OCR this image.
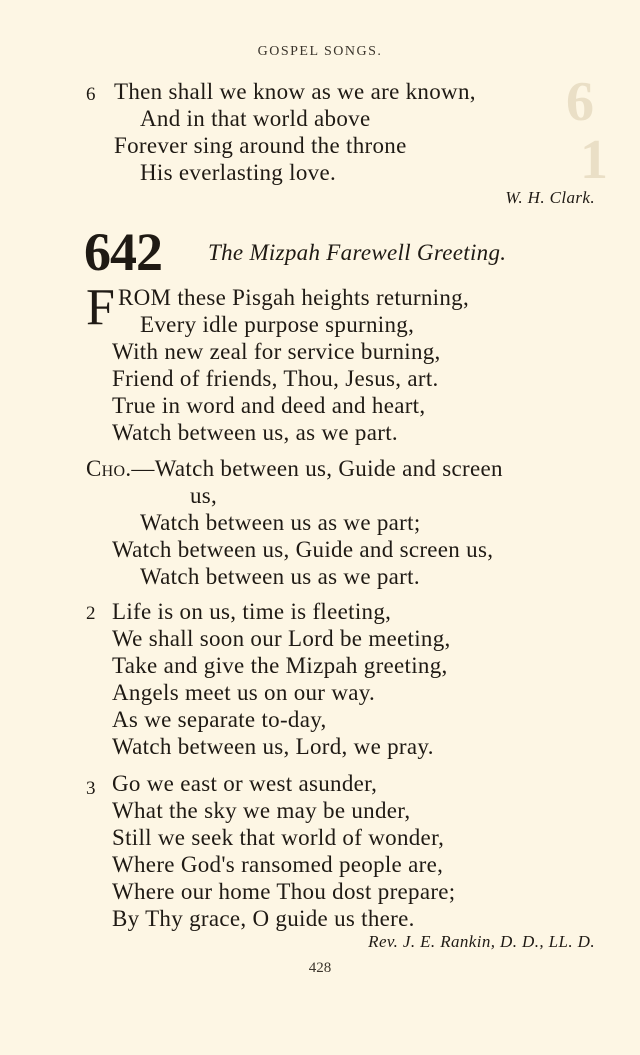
6
1
GOSPEL SONGS.
6 Then shall we know as we are known,
And in that world above
Forever sing around the throne
His everlasting love.
W. H. Clark.
642 The Mizpah Farewell Greeting.
F ROM these Pisgah heights returning,
Every idle purpose spurning,
With new zeal for service burning,
Friend of friends, Thou, Jesus, art.
True in word and deed and heart,
Watch between us, as we part.
Cho.—Watch between us, Guide and screen
us,
Watch between us as we part;
Watch between us, Guide and screen us,
Watch between us as we part.
2 Life is on us, time is fleeting,
We shall soon our Lord be meeting,
Take and give the Mizpah greeting,
Angels meet us on our way.
As we separate to-day,
Watch between us, Lord, we pray.
3 Go we east or west asunder,
What the sky we may be under,
Still we seek that world of wonder,
Where God's ransomed people are,
Where our home Thou dost prepare;
By Thy grace, O guide us there.
Rev. J. E. Rankin, D. D., LL. D.
428
